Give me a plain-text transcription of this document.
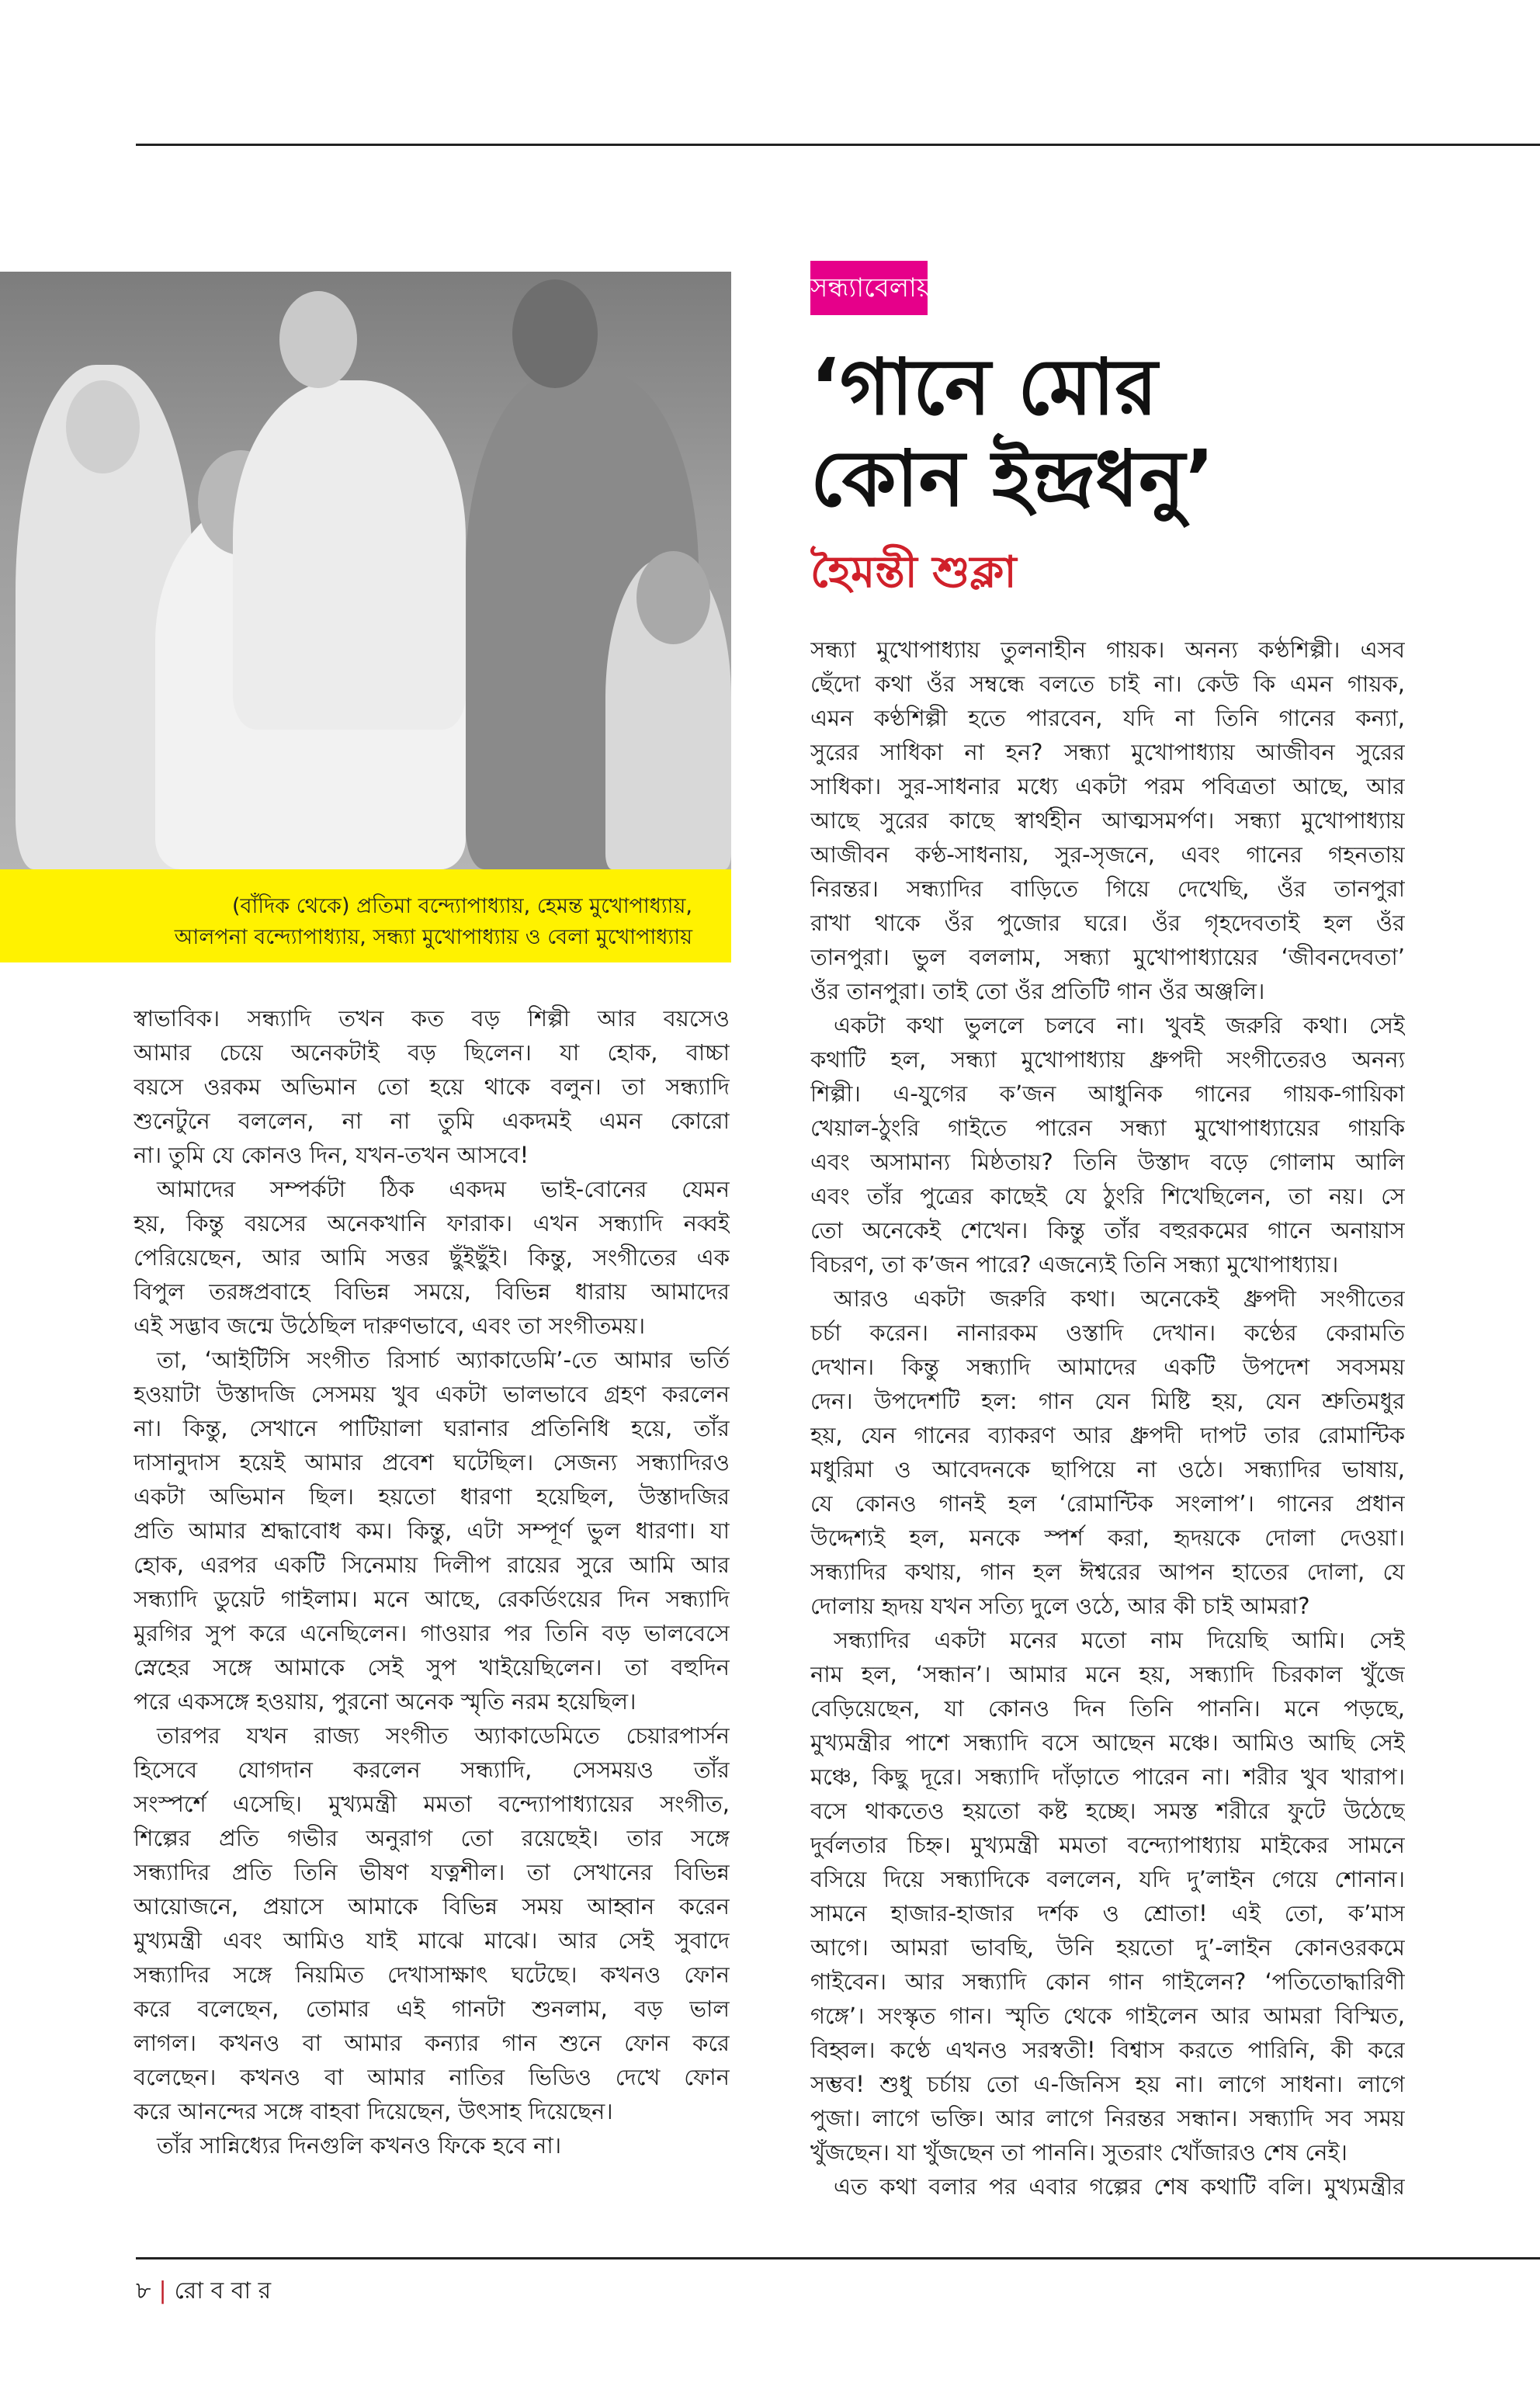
(বাঁদিক থেকে) প্রতিমা বন্দ্যোপাধ্যায়, হেমন্ত মুখোপাধ্যায়,
আলপনা বন্দ্যোপাধ্যায়, সন্ধ্যা মুখোপাধ্যায় ও বেলা মুখোপাধ্যায়
সন্ধ্যাবেলায়
‘গানে মোর
কোন ইন্দ্রধনু’
হৈমন্তী শুক্লা
স্বাভাবিক। সন্ধ্যাদি তখন কত বড় শিল্পী আর বয়সেও
আমার চেয়ে অনেকটাই বড় ছিলেন। যা হোক, বাচ্চা
বয়সে ওরকম অভিমান তো হয়ে থাকে বলুন। তা সন্ধ্যাদি
শুনেটুনে বললেন, না না তুমি একদমই এমন কোরো
না। তুমি যে কোনও দিন, যখন-তখন আসবে!
আমাদের সম্পর্কটা ঠিক একদম ভাই-বোনের যেমন
হয়, কিন্তু বয়সের অনেকখানি ফারাক। এখন সন্ধ্যাদি নব্বই
পেরিয়েছেন, আর আমি সত্তর ছুঁইছুঁই। কিন্তু, সংগীতের এক
বিপুল তরঙ্গপ্রবাহে বিভিন্ন সময়ে, বিভিন্ন ধারায় আমাদের
এই সদ্ভাব জন্মে উঠেছিল দারুণভাবে, এবং তা সংগীতময়।
তা, ‘আইটিসি সংগীত রিসার্চ অ্যাকাডেমি’-তে আমার ভর্তি
হওয়াটা উস্তাদজি সেসময় খুব একটা ভালভাবে গ্রহণ করলেন
না। কিন্তু, সেখানে পাটিয়ালা ঘরানার প্রতিনিধি হয়ে, তাঁর
দাসানুদাস হয়েই আমার প্রবেশ ঘটেছিল। সেজন্য সন্ধ্যাদিরও
একটা অভিমান ছিল। হয়তো ধারণা হয়েছিল, উস্তাদজির
প্রতি আমার শ্রদ্ধাবোধ কম। কিন্তু, এটা সম্পূর্ণ ভুল ধারণা। যা
হোক, এরপর একটি সিনেমায় দিলীপ রায়ের সুরে আমি আর
সন্ধ্যাদি ডুয়েট গাইলাম। মনে আছে, রেকর্ডিংয়ের দিন সন্ধ্যাদি
মুরগির সুপ করে এনেছিলেন। গাওয়ার পর তিনি বড় ভালবেসে
স্নেহের সঙ্গে আমাকে সেই সুপ খাইয়েছিলেন। তা বহুদিন
পরে একসঙ্গে হওয়ায়, পুরনো অনেক স্মৃতি নরম হয়েছিল।
তারপর যখন রাজ্য সংগীত অ্যাকাডেমিতে চেয়ারপার্সন
হিসেবে যোগদান করলেন সন্ধ্যাদি, সেসময়ও তাঁর
সংস্পর্শে এসেছি। মুখ্যমন্ত্রী মমতা বন্দ্যোপাধ্যায়ের সংগীত,
শিল্পের প্রতি গভীর অনুরাগ তো রয়েছেই। তার সঙ্গে
সন্ধ্যাদির প্রতি তিনি ভীষণ যত্নশীল। তা সেখানের বিভিন্ন
আয়োজনে, প্রয়াসে আমাকে বিভিন্ন সময় আহ্বান করেন
মুখ্যমন্ত্রী এবং আমিও যাই মাঝে মাঝে। আর সেই সুবাদে
সন্ধ্যাদির সঙ্গে নিয়মিত দেখাসাক্ষাৎ ঘটেছে। কখনও ফোন
করে বলেছেন, তোমার এই গানটা শুনলাম, বড় ভাল
লাগল। কখনও বা আমার কন্যার গান শুনে ফোন করে
বলেছেন। কখনও বা আমার নাতির ভিডিও দেখে ফোন
করে আনন্দের সঙ্গে বাহবা দিয়েছেন, উৎসাহ দিয়েছেন।
তাঁর সান্নিধ্যের দিনগুলি কখনও ফিকে হবে না।
সন্ধ্যা মুখোপাধ্যায় তুলনাহীন গায়ক। অনন্য কণ্ঠশিল্পী। এসব
ছেঁদো কথা ওঁর সম্বন্ধে বলতে চাই না। কেউ কি এমন গায়ক,
এমন কণ্ঠশিল্পী হতে পারবেন, যদি না তিনি গানের কন্যা,
সুরের সাধিকা না হন? সন্ধ্যা মুখোপাধ্যায় আজীবন সুরের
সাধিকা। সুর-সাধনার মধ্যে একটা পরম পবিত্রতা আছে, আর
আছে সুরের কাছে স্বার্থহীন আত্মসমর্পণ। সন্ধ্যা মুখোপাধ্যায়
আজীবন কণ্ঠ-সাধনায়, সুর-সৃজনে, এবং গানের গহনতায়
নিরন্তর। সন্ধ্যাদির বাড়িতে গিয়ে দেখেছি, ওঁর তানপুরা
রাখা থাকে ওঁর পুজোর ঘরে। ওঁর গৃহদেবতাই হল ওঁর
তানপুরা। ভুল বললাম, সন্ধ্যা মুখোপাধ্যায়ের ‘জীবনদেবতা’
ওঁর তানপুরা। তাই তো ওঁর প্রতিটি গান ওঁর অঞ্জলি।
একটা কথা ভুললে চলবে না। খুবই জরুরি কথা। সেই
কথাটি হল, সন্ধ্যা মুখোপাধ্যায় ধ্রুপদী সংগীতেরও অনন্য
শিল্পী। এ-যুগের ক’জন আধুনিক গানের গায়ক-গায়িকা
খেয়াল-ঠুংরি গাইতে পারেন সন্ধ্যা মুখোপাধ্যায়ের গায়কি
এবং অসামান্য মিষ্ঠতায়? তিনি উস্তাদ বড়ে গোলাম আলি
এবং তাঁর পুত্রের কাছেই যে ঠুংরি শিখেছিলেন, তা নয়। সে
তো অনেকেই শেখেন। কিন্তু তাঁর বহুরকমের গানে অনায়াস
বিচরণ, তা ক’জন পারে? এজন্যেই তিনি সন্ধ্যা মুখোপাধ্যায়।
আরও একটা জরুরি কথা। অনেকেই ধ্রুপদী সংগীতের
চর্চা করেন। নানারকম ওস্তাদি দেখান। কণ্ঠের কেরামতি
দেখান। কিন্তু সন্ধ্যাদি আমাদের একটি উপদেশ সবসময়
দেন। উপদেশটি হল: গান যেন মিষ্টি হয়, যেন শ্রুতিমধুর
হয়, যেন গানের ব্যাকরণ আর ধ্রুপদী দাপট তার রোমান্টিক
মধুরিমা ও আবেদনকে ছাপিয়ে না ওঠে। সন্ধ্যাদির ভাষায়,
যে কোনও গানই হল ‘রোমান্টিক সংলাপ’। গানের প্রধান
উদ্দেশ্যই হল, মনকে স্পর্শ করা, হৃদয়কে দোলা দেওয়া।
সন্ধ্যাদির কথায়, গান হল ঈশ্বরের আপন হাতের দোলা, যে
দোলায় হৃদয় যখন সত্যি দুলে ওঠে, আর কী চাই আমরা?
সন্ধ্যাদির একটা মনের মতো নাম দিয়েছি আমি। সেই
নাম হল, ‘সন্ধান’। আমার মনে হয়, সন্ধ্যাদি চিরকাল খুঁজে
বেড়িয়েছেন, যা কোনও দিন তিনি পাননি। মনে পড়ছে,
মুখ্যমন্ত্রীর পাশে সন্ধ্যাদি বসে আছেন মঞ্চে। আমিও আছি সেই
মঞ্চে, কিছু দূরে। সন্ধ্যাদি দাঁড়াতে পারেন না। শরীর খুব খারাপ।
বসে থাকতেও হয়তো কষ্ট হচ্ছে। সমস্ত শরীরে ফুটে উঠেছে
দুর্বলতার চিহ্ন। মুখ্যমন্ত্রী মমতা বন্দ্যোপাধ্যায় মাইকের সামনে
বসিয়ে দিয়ে সন্ধ্যাদিকে বললেন, যদি দু’লাইন গেয়ে শোনান।
সামনে হাজার-হাজার দর্শক ও শ্রোতা! এই তো, ক’মাস
আগে। আমরা ভাবছি, উনি হয়তো দু’-লাইন কোনওরকমে
গাইবেন। আর সন্ধ্যাদি কোন গান গাইলেন? ‘পতিতোদ্ধারিণী
গঙ্গে’। সংস্কৃত গান। স্মৃতি থেকে গাইলেন আর আমরা বিস্মিত,
বিহ্বল। কণ্ঠে এখনও সরস্বতী! বিশ্বাস করতে পারিনি, কী করে
সম্ভব! শুধু চর্চায় তো এ-জিনিস হয় না। লাগে সাধনা। লাগে
পুজা। লাগে ভক্তি। আর লাগে নিরন্তর সন্ধান। সন্ধ্যাদি সব সময়
খুঁজছেন। যা খুঁজছেন তা পাননি। সুতরাং খোঁজারও শেষ নেই।
এত কথা বলার পর এবার গল্পের শেষ কথাটি বলি। মুখ্যমন্ত্রীর
৮ | রো ব বা র
